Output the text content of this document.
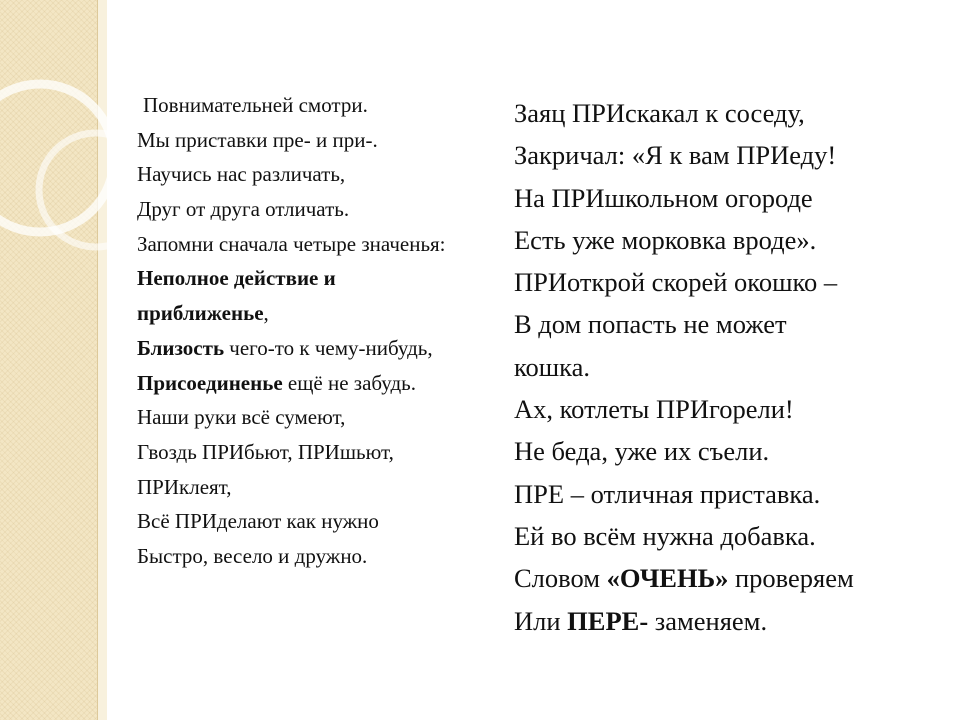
Повнимательней смотри.
Мы приставки пре- и при-.
Научись нас различать,
Друг от друга отличать.
Запомни сначала четыре значенья:
Неполное действие и
приближенье,
Близость чего-то к чему-нибудь,
Присоединенье ещё не забудь.
Наши руки всё сумеют,
Гвоздь ПРИбьют, ПРИшьют,
ПРИклеят,
Всё ПРИделают как нужно
Быстро, весело и дружно.
Заяц ПРИскакал к соседу,
Закричал: «Я к вам ПРИеду!
На ПРИшкольном огороде
Есть уже морковка вроде».
ПРИоткрой скорей окошко –
В дом попасть не может
кошка.
Ах, котлеты ПРИгорели!
Не беда, уже их съели.
ПРЕ – отличная приставка.
Ей во всём нужна добавка.
Словом «ОЧЕНЬ» проверяем
Или ПЕРЕ- заменяем.
